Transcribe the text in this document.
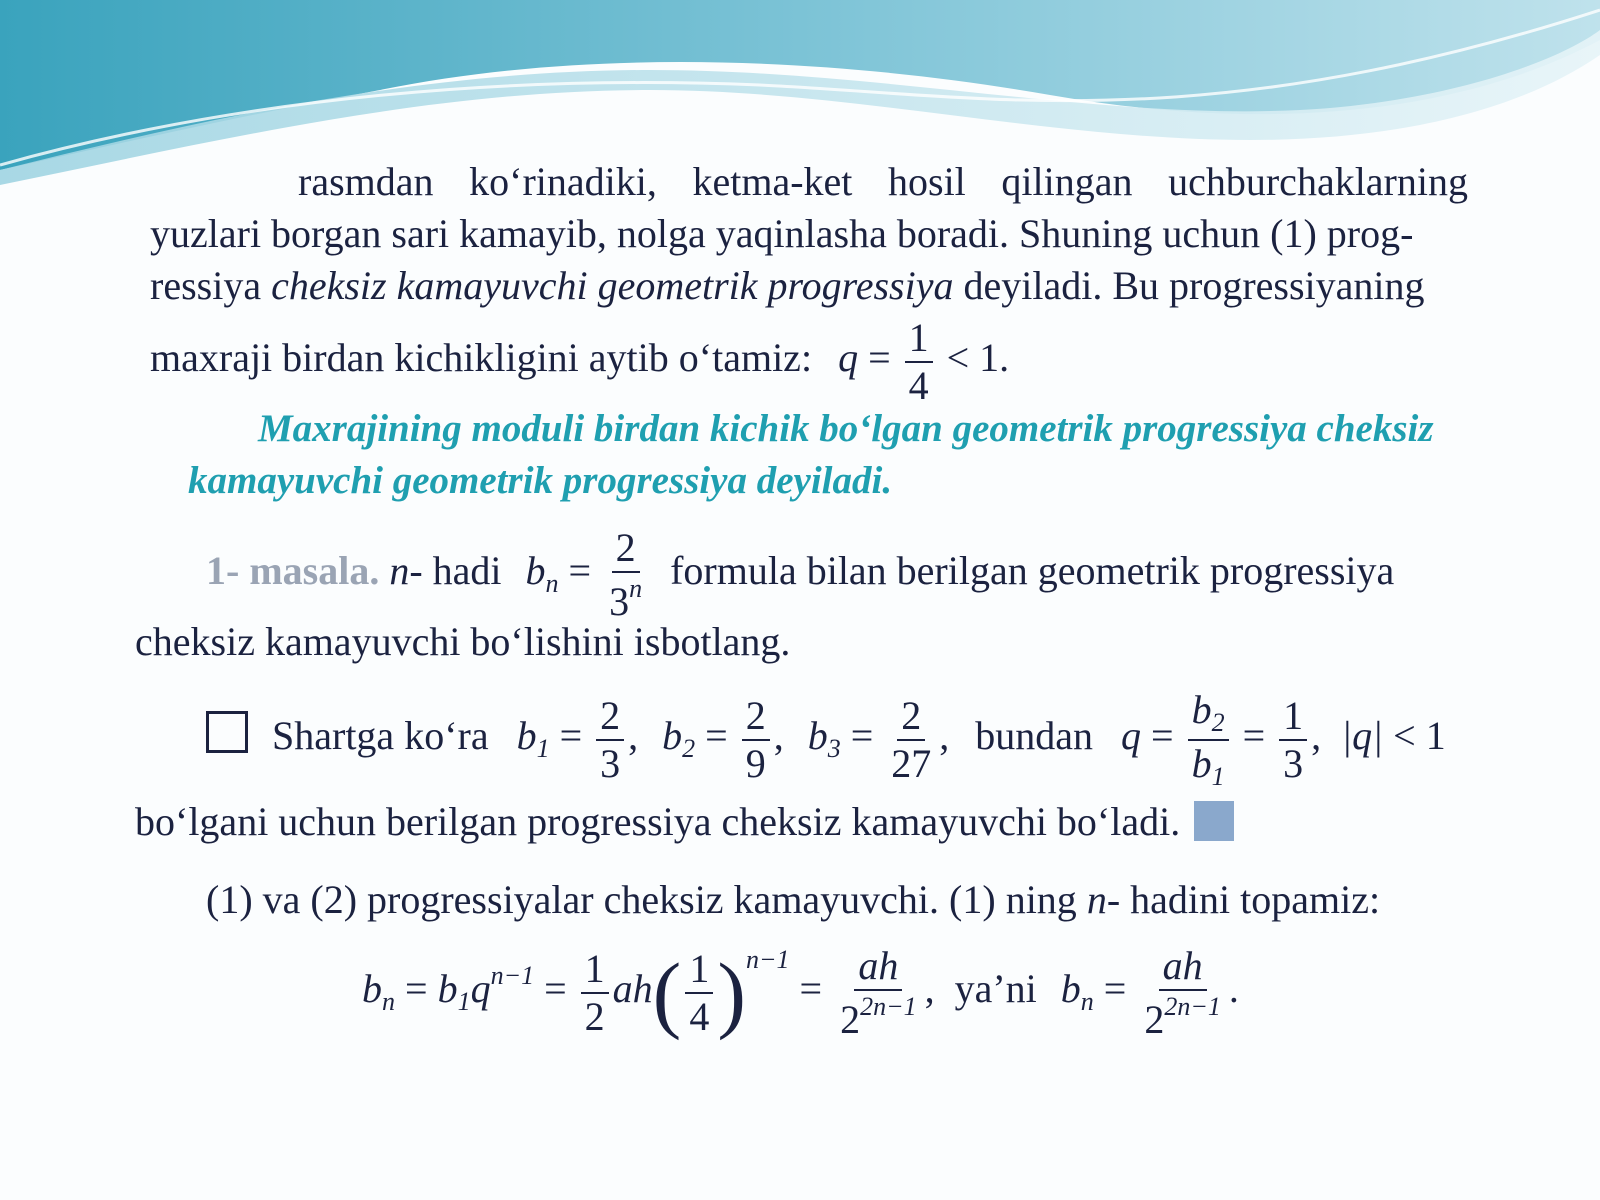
rasmdan ko‘rinadiki, ketma-ket hosil qilingan uchburchaklarning
yuzlari borgan sari kamayib, nolga yaqinlasha boradi. Shuning uchun (1) prog-
ressiya cheksiz kamayuvchi geometrik progressiya deyiladi. Bu progressiyaning
maxraji birdan kichikligini aytib o‘tamiz: $q = \frac{1}{4} < 1$.
Maxrajining moduli birdan kichik bo‘lgan geometrik progressiya cheksiz
kamayuvchi geometrik progressiya deyiladi.
1- masala. n- hadi $b_n = \frac{2}{3^n}$ formula bilan berilgan geometrik progressiya
cheksiz kamayuvchi bo‘lishini isbotlang.
Shartga ko‘ra $b_1 = \frac{2}{3}$ , $b_2 = \frac{2}{9}$ , $b_3 = \frac{2}{27}$ , bundan $q = \frac{b_2}{b_1} = \frac{1}{3}$ , |q| < 1
bo‘lgani uchun berilgan progressiya cheksiz kamayuvchi bo‘ladi.
(1) va (2) progressiyalar cheksiz kamayuvchi. (1) ning n- hadini topamiz:
$b_n = b_1q^{n-1} = \frac{1}{2} ah( \frac{1}{4} )^{n-1} = \frac{ah}{2^{2n-1}}$ , ya’ni $b_n = \frac{ah}{2^{2n-1}}$ .
